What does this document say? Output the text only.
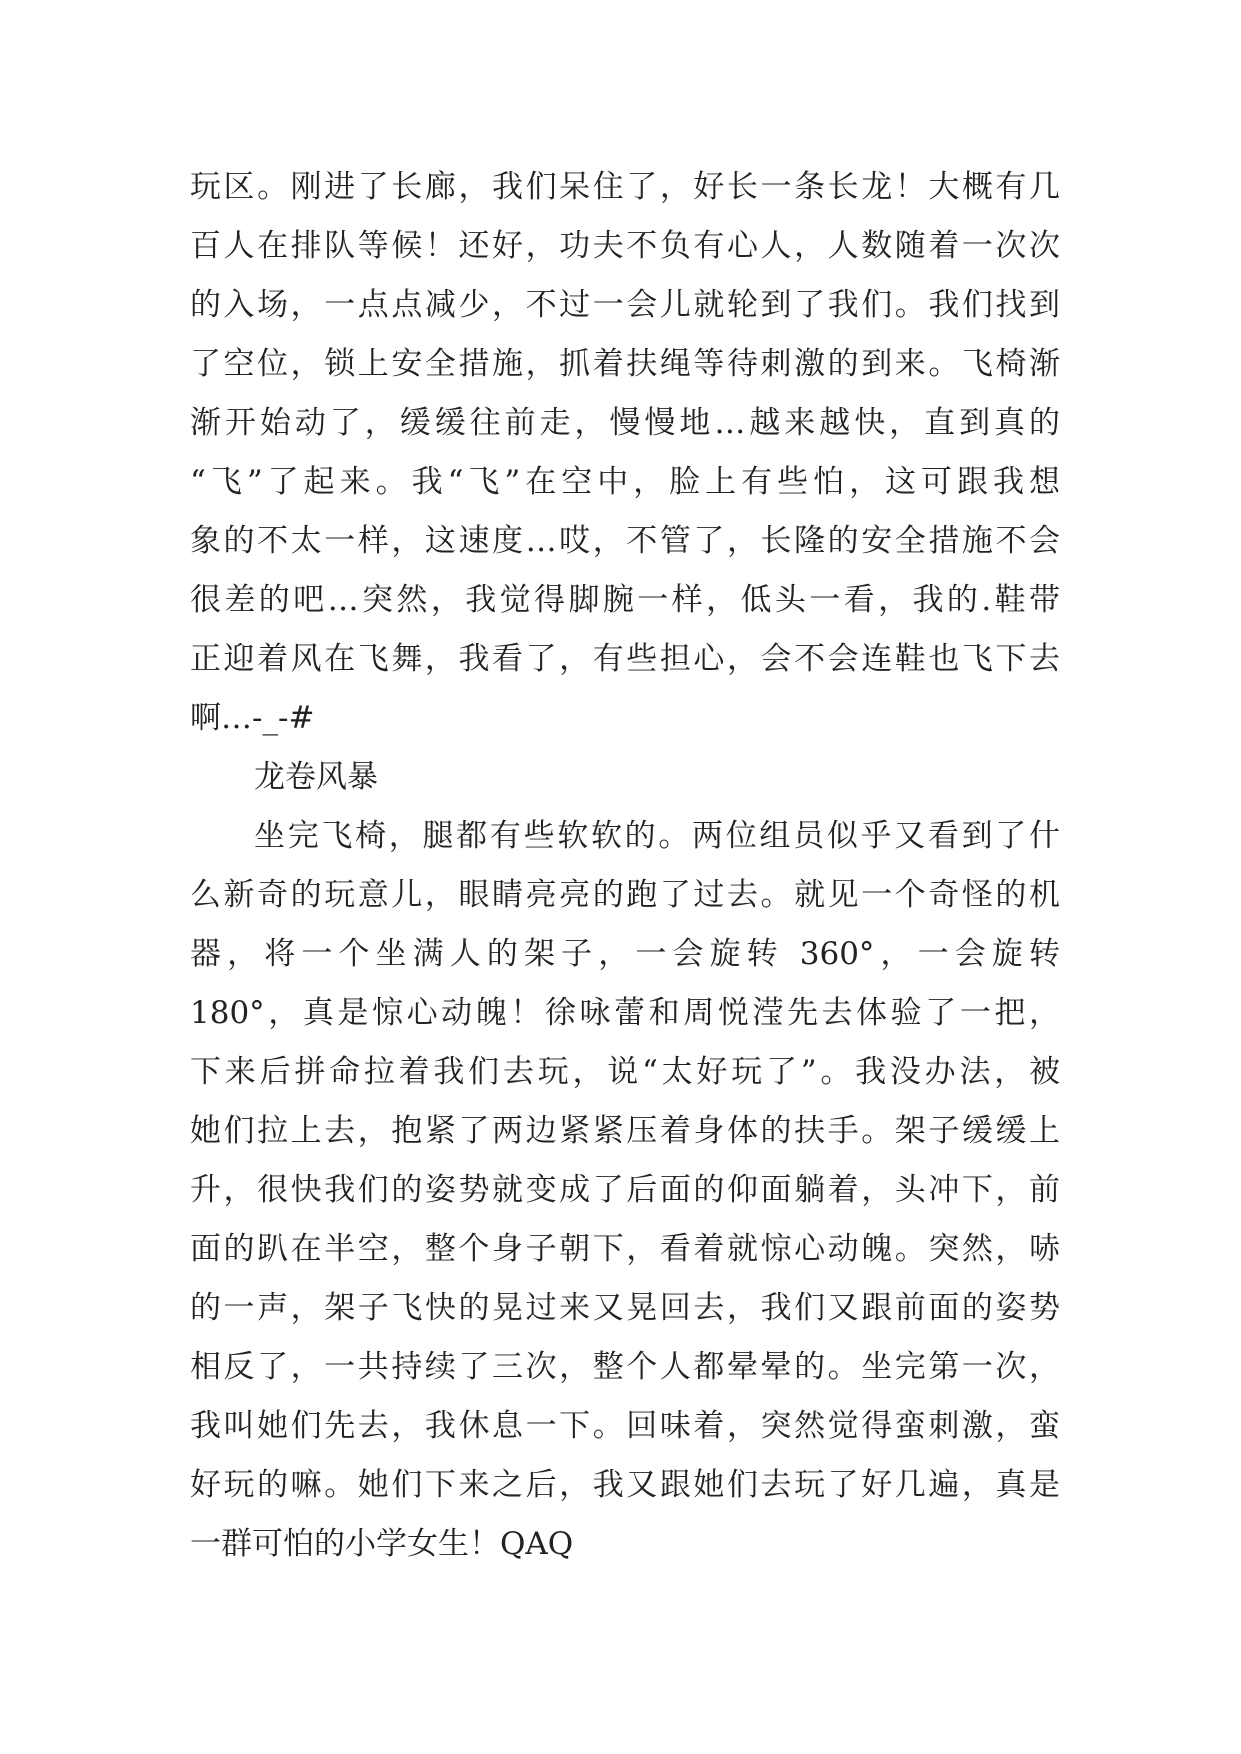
玩区。刚进了长廊，我们呆住了，好长一条长龙！大概有几
百人在排队等候！还好，功夫不负有心人，人数随着一次次
的入场，一点点减少，不过一会儿就轮到了我们。我们找到
了空位，锁上安全措施，抓着扶绳等待刺激的到来。飞椅渐
渐开始动了，缓缓往前走，慢慢地…越来越快，直到真的
“飞”了起来。我“飞”在空中，脸上有些怕，这可跟我想
象的不太一样，这速度…哎，不管了，长隆的安全措施不会
很差的吧…突然，我觉得脚腕一样，低头一看，我的.鞋带
正迎着风在飞舞，我看了，有些担心，会不会连鞋也飞下去
啊…-_-#
龙卷风暴
坐完飞椅，腿都有些软软的。两位组员似乎又看到了什
么新奇的玩意儿，眼睛亮亮的跑了过去。就见一个奇怪的机
器，将一个坐满人的架子，一会旋转 360°，一会旋转
180°，真是惊心动魄！徐咏蕾和周悦滢先去体验了一把，
下来后拼命拉着我们去玩，说“太好玩了”。我没办法，被
她们拉上去，抱紧了两边紧紧压着身体的扶手。架子缓缓上
升，很快我们的姿势就变成了后面的仰面躺着，头冲下，前
面的趴在半空，整个身子朝下，看着就惊心动魄。突然，哧
的一声，架子飞快的晃过来又晃回去，我们又跟前面的姿势
相反了，一共持续了三次，整个人都晕晕的。坐完第一次，
我叫她们先去，我休息一下。回味着，突然觉得蛮刺激，蛮
好玩的嘛。她们下来之后，我又跟她们去玩了好几遍，真是
一群可怕的小学女生！QAQ
